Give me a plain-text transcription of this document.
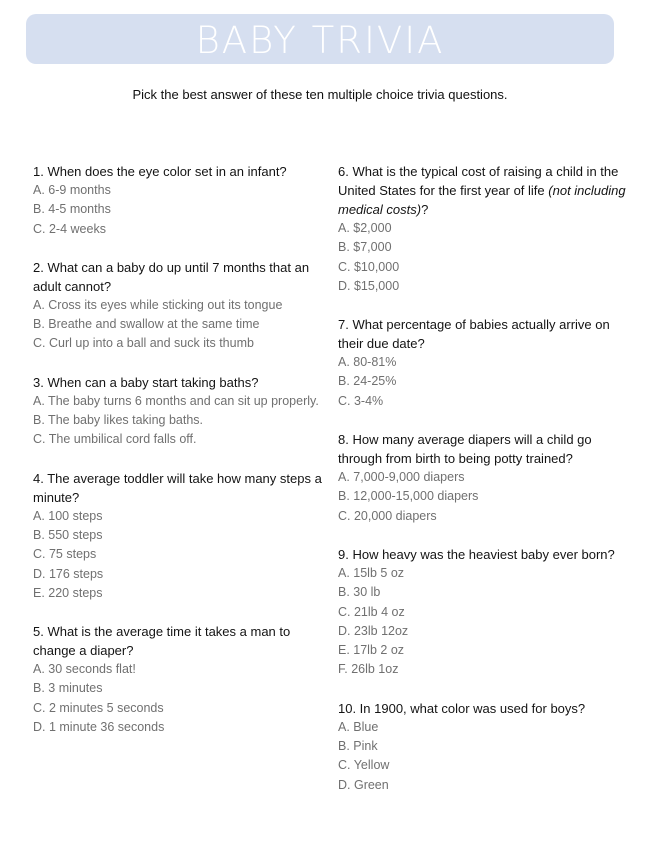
BABY TRIVIA
Pick the best answer of these ten multiple choice trivia questions.

1. When does the eye color set in an infant?

A. 6-9 months

B. 4-5 months

C. 2-4 weeks

2. What can a baby do up until 7 months that an adult cannot?

A. Cross its eyes while sticking out its tongue

B. Breathe and swallow at the same time

C. Curl up into a ball and suck its thumb

3. When can a baby start taking baths?

A. The baby turns 6 months and can sit up properly.

B. The baby likes taking baths.

C. The umbilical cord falls off.

4. The average toddler will take how many steps a minute?

A. 100 steps

B. 550 steps

C. 75 steps

D. 176 steps

E. 220 steps

5. What is the average time it takes a man to change a diaper?

A. 30 seconds flat!

B. 3 minutes

C. 2 minutes 5 seconds

D. 1 minute 36 seconds

6. What is the typical cost of raising a child in the United States for the first year of life (not including medical costs)?

A. $2,000

B. $7,000

C. $10,000

D. $15,000

7. What percentage of babies actually arrive on their due date?

A. 80-81%

B. 24-25%

C. 3-4%

8. How many average diapers will a child go through from birth to being potty trained?

A. 7,000-9,000 diapers

B. 12,000-15,000 diapers

C. 20,000 diapers

9. How heavy was the heaviest baby ever born?

A. 15lb 5 oz

B. 30 lb

C. 21lb 4 oz

D. 23lb 12oz

E. 17lb 2 oz

F. 26lb 1oz

10. In 1900, what color was used for boys?

A. Blue

B. Pink

C. Yellow

D. Green
